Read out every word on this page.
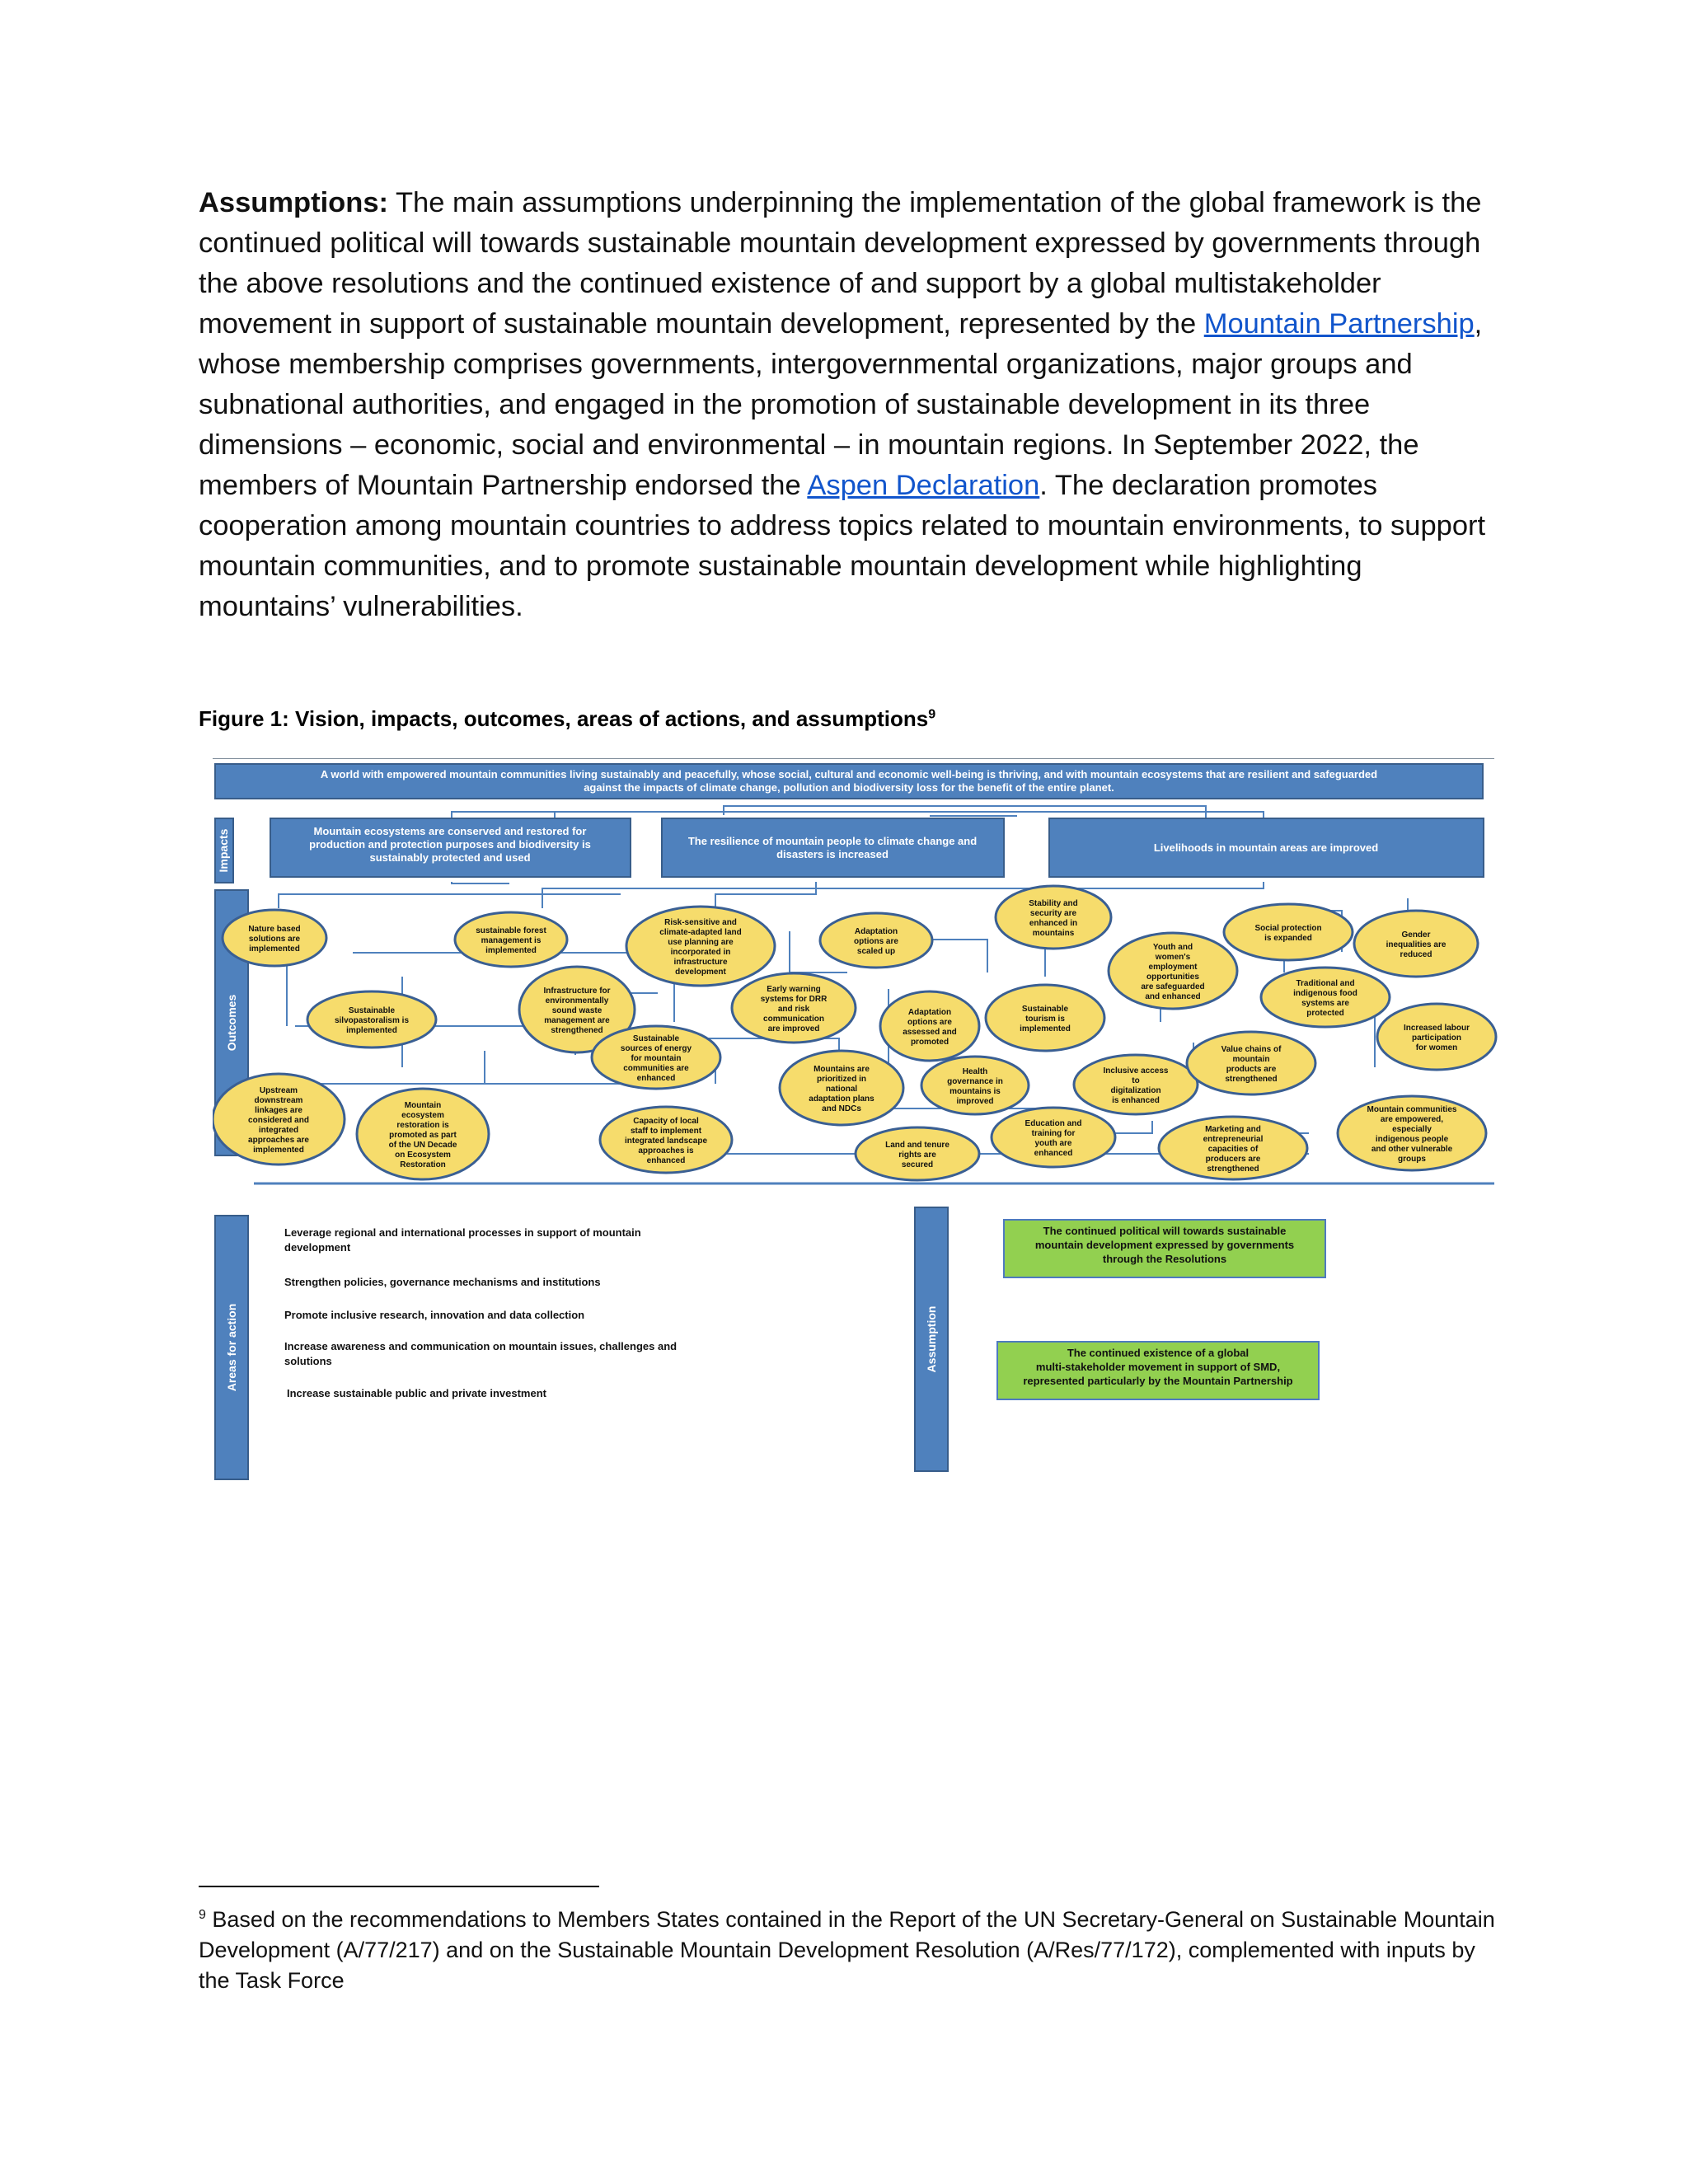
Assumptions: The main assumptions underpinning the implementation of the global framework is the continued political will towards sustainable mountain development expressed by governments through the above resolutions and the continued existence of and support by a global multistakeholder movement in support of sustainable mountain development, represented by the Mountain Partnership, whose membership comprises governments, intergovernmental organizations, major groups and subnational authorities, and engaged in the promotion of sustainable development in its three dimensions – economic, social and environmental – in mountain regions. In September 2022, the members of Mountain Partnership endorsed the Aspen Declaration. The declaration promotes cooperation among mountain countries to address topics related to mountain environments, to support mountain communities, and to promote sustainable mountain development while highlighting mountains’ vulnerabilities.
Figure 1: Vision, impacts, outcomes, areas of actions, and assumptions$^9$
A world with empowered mountain communities living sustainably and peacefully, whose social, cultural and economic well-being is thriving, and with mountain ecosystems that are resilient and safeguarded against the impacts of climate change, pollution and biodiversity loss for the benefit of the entire planet.
Impacts
Outcomes
Areas for action	Assumption
Mountain ecosystems are conserved and restored for production and protection purposes and biodiversity is sustainably protected and used
The resilience of mountain people to climate change and disasters is increased
Livelihoods in mountain areas are improved
Nature based solutions are implemented
sustainable forest management is implemented
Risk-sensitive and climate-adapted land use planning are incorporated in infrastructure development
Adaptation options are scaled up
Stability and security are enhanced in mountains
Social protection is expanded	Gender inequalities are reduced
Youth and women's employment opportunities are safeguarded and enhanced
Sustainable silvopastoralism is implemented
Infrastructure for environmentally sound waste management are strengthened
Early warning systems for DRR and risk communication are improved
Adaptation options are assessed and promoted
Sustainable tourism is implemented
Traditional and indigenous food systems are protected
Increased labour participation for women
Sustainable sources of energy for mountain communities are enhanced
Mountains are prioritized in national adaptation plans and NDCs
Health governance in mountains is improved
Inclusive access to digitalization is enhanced
Value chains of mountain products are strengthened
Upstream downstream linkages are considered and integrated approaches are implemented
Mountain ecosystem restoration is promoted as part of the UN Decade on Ecosystem Restoration
Capacity of local staff to implement integrated landscape approaches is enhanced
Land and tenure rights are secured
Education and training for youth are enhanced
Marketing and entrepreneurial capacities of producers are strengthened
Mountain communities are empowered, especially indigenous people and other vulnerable groups
Leverage regional and international processes in support of mountain development
Strengthen policies, governance mechanisms and institutions
Promote inclusive research, innovation and data collection
Increase awareness and communication on mountain issues, challenges and solutions
Increase sustainable public and private investment
The continued political will towards sustainable mountain development expressed by governments through the Resolutions
The continued existence of a global multi-stakeholder movement in support of SMD, represented particularly by the Mountain Partnership
$^9$ Based on the recommendations to Members States contained in the Report of the UN Secretary-General on Sustainable Mountain Development (A/77/217) and on the Sustainable Mountain Development Resolution (A/Res/77/172), complemented with inputs by the Task Force
